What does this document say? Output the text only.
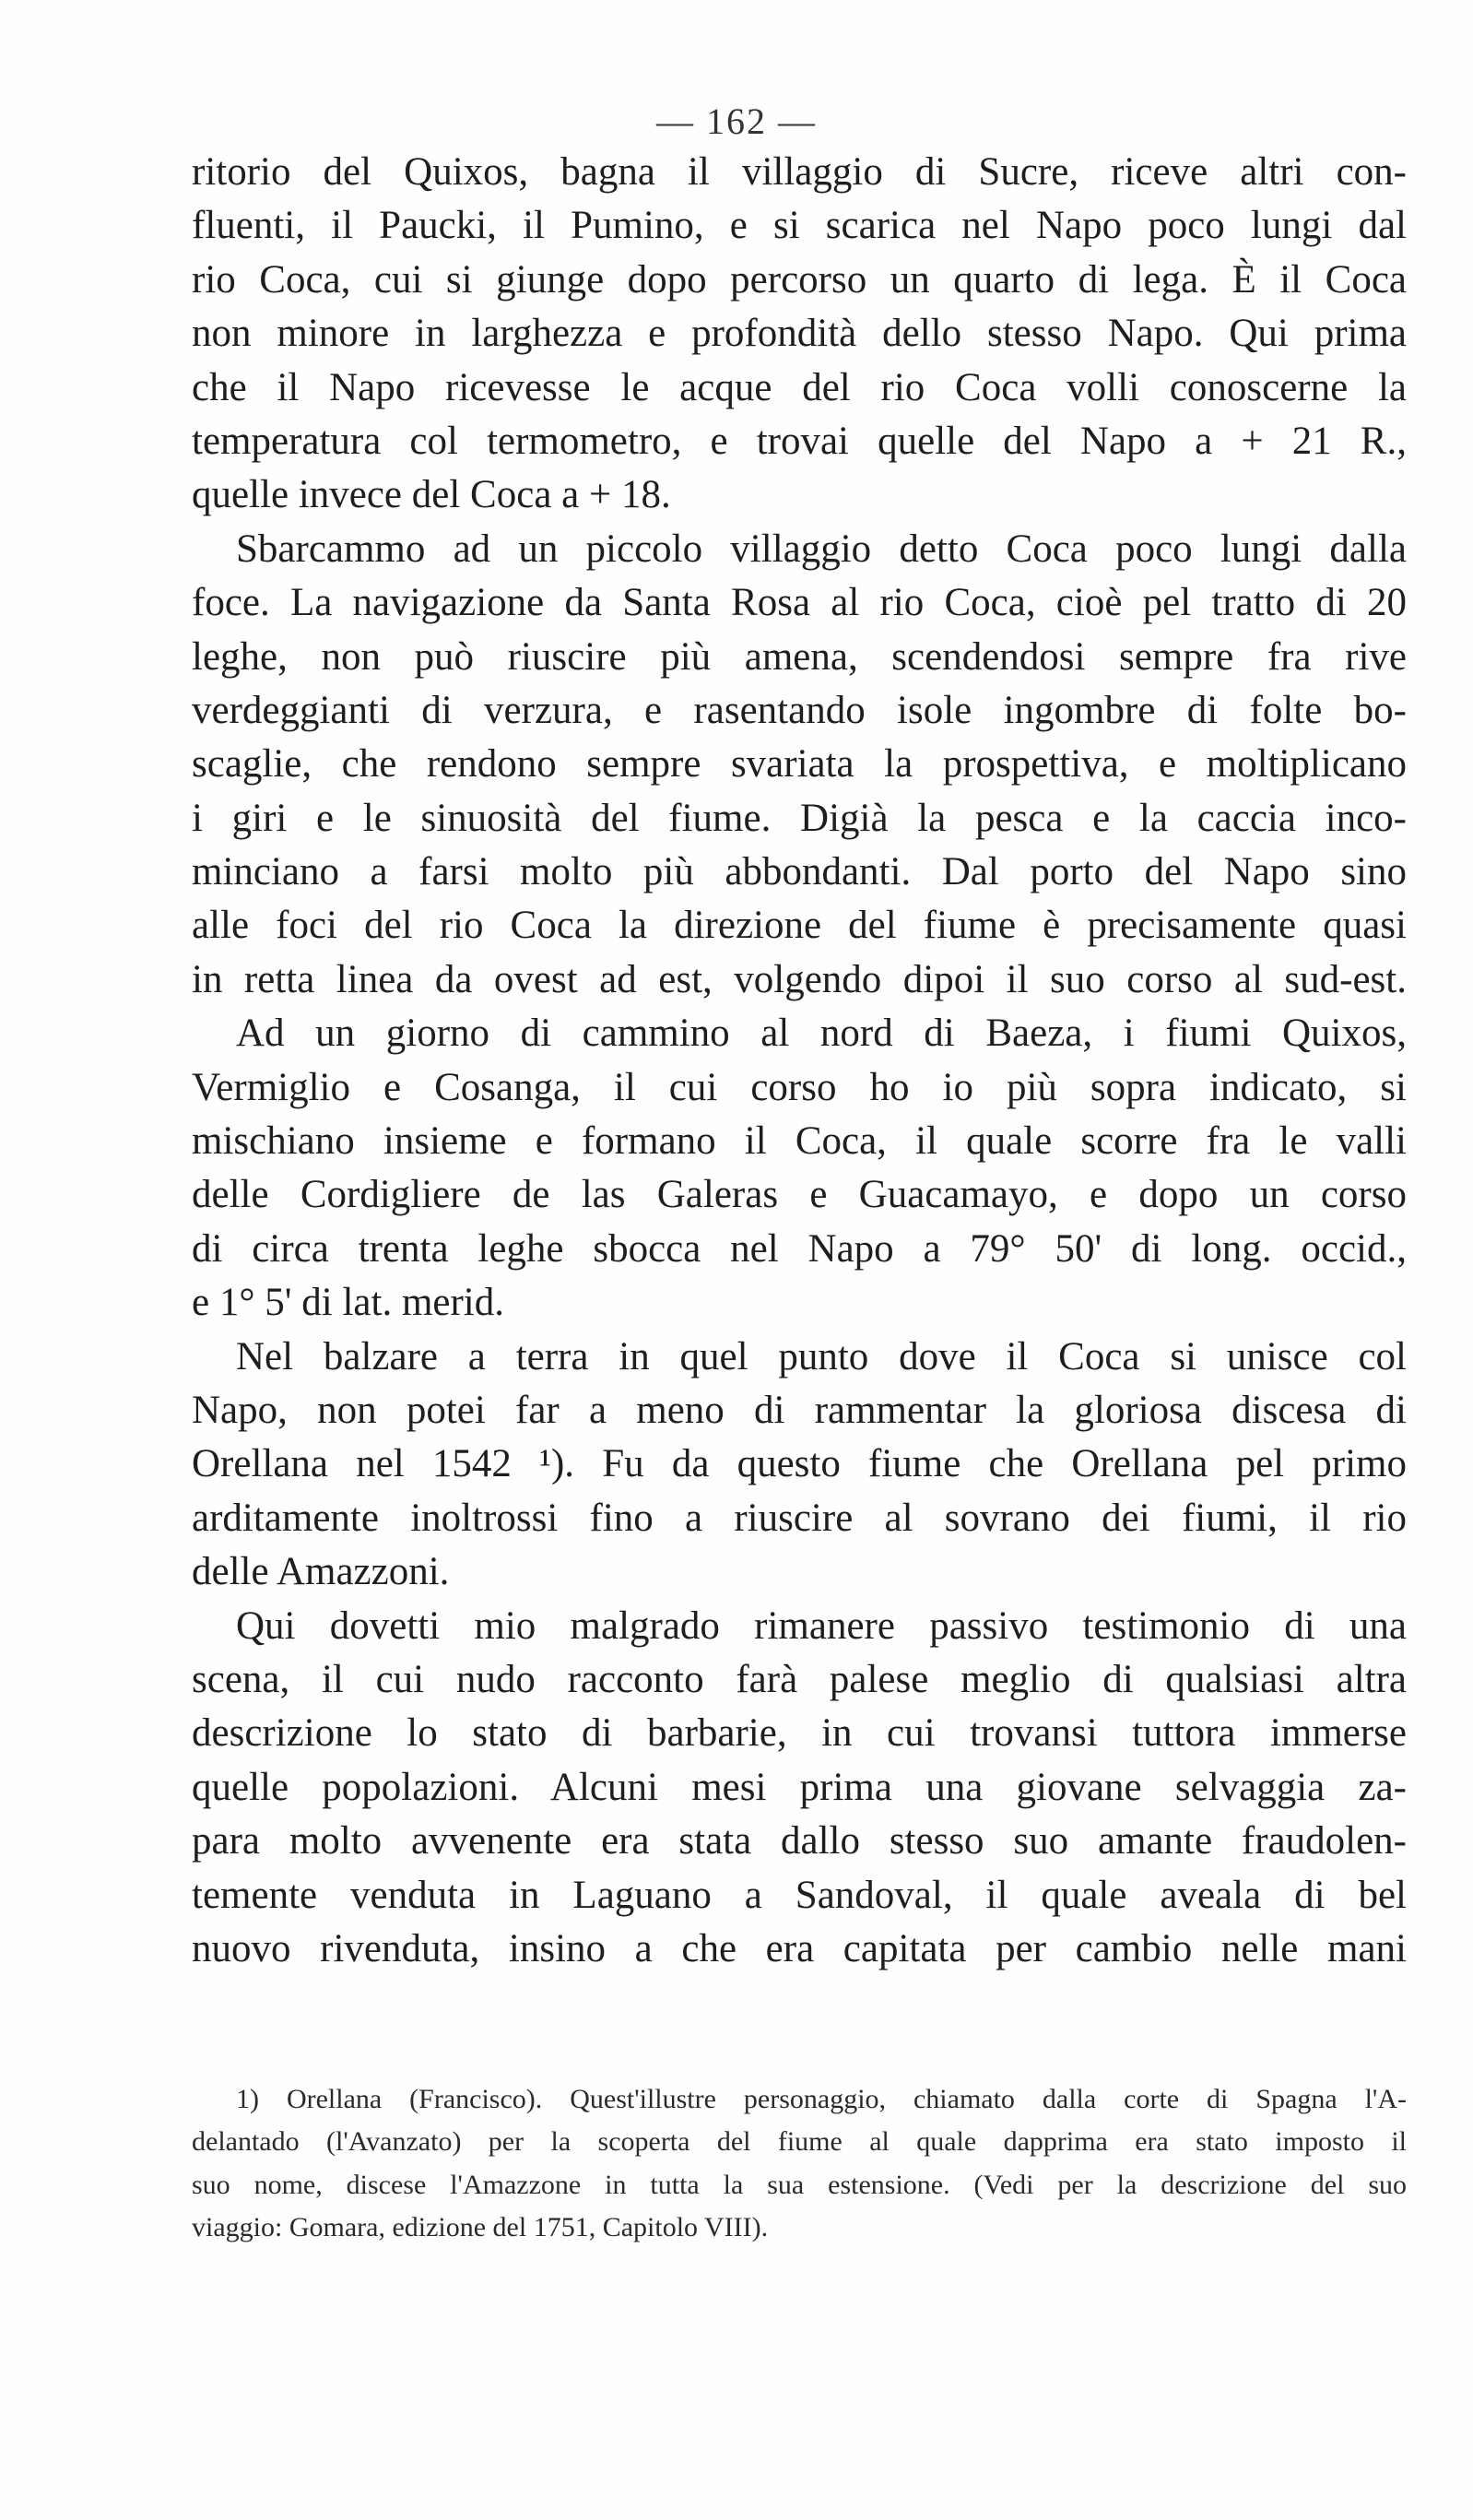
— 162 —
ritorio del Quixos, bagna il villaggio di Sucre, riceve altri con-
fluenti, il Paucki, il Pumino, e si scarica nel Napo poco lungi dal
rio Coca, cui si giunge dopo percorso un quarto di lega. È il Coca
non minore in larghezza e profondità dello stesso Napo. Qui prima
che il Napo ricevesse le acque del rio Coca volli conoscerne la
temperatura col termometro, e trovai quelle del Napo a + 21 R.,
quelle invece del Coca a + 18.
Sbarcammo ad un piccolo villaggio detto Coca poco lungi dalla
foce. La navigazione da Santa Rosa al rio Coca, cioè pel tratto di 20
leghe, non può riuscire più amena, scendendosi sempre fra rive
verdeggianti di verzura, e rasentando isole ingombre di folte bo-
scaglie, che rendono sempre svariata la prospettiva, e moltiplicano
i giri e le sinuosità del fiume. Digià la pesca e la caccia inco-
minciano a farsi molto più abbondanti. Dal porto del Napo sino
alle foci del rio Coca la direzione del fiume è precisamente quasi
in retta linea da ovest ad est, volgendo dipoi il suo corso al sud-est.
Ad un giorno di cammino al nord di Baeza, i fiumi Quixos,
Vermiglio e Cosanga, il cui corso ho io più sopra indicato, si
mischiano insieme e formano il Coca, il quale scorre fra le valli
delle Cordigliere de las Galeras e Guacamayo, e dopo un corso
di circa trenta leghe sbocca nel Napo a 79° 50' di long. occid.,
e 1° 5' di lat. merid.
Nel balzare a terra in quel punto dove il Coca si unisce col
Napo, non potei far a meno di rammentar la gloriosa discesa di
Orellana nel 1542 ¹). Fu da questo fiume che Orellana pel primo
arditamente inoltrossi fino a riuscire al sovrano dei fiumi, il rio
delle Amazzoni.
Qui dovetti mio malgrado rimanere passivo testimonio di una
scena, il cui nudo racconto farà palese meglio di qualsiasi altra
descrizione lo stato di barbarie, in cui trovansi tuttora immerse
quelle popolazioni. Alcuni mesi prima una giovane selvaggia za-
para molto avvenente era stata dallo stesso suo amante fraudolen-
temente venduta in Laguano a Sandoval, il quale avealа di bel
nuovo rivenduta, insino a che era capitata per cambio nelle mani
1) Orellana (Francisco). Quest'illustre personaggio, chiamato dalla corte di Spagna l'A-
delantado (l'Avanzato) per la scoperta del fiume al quale dapprima era stato imposto il
suo nome, discese l'Amazzone in tutta la sua estensione. (Vedi per la descrizione del suo
viaggio: Gomara, edizione del 1751, Capitolo VIII).
